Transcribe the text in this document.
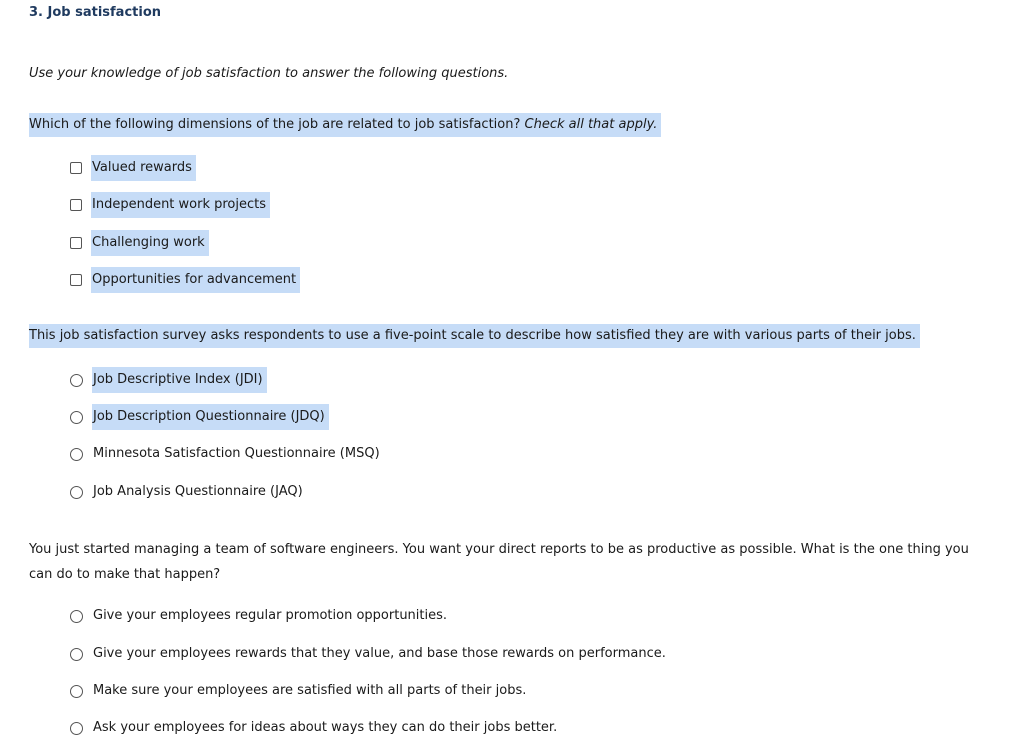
3. Job satisfaction
Use your knowledge of job satisfaction to answer the following questions.
Which of the following dimensions of the job are related to job satisfaction? Check all that apply.
Valued rewards
Independent work projects
Challenging work
Opportunities for advancement
This job satisfaction survey asks respondents to use a five-point scale to describe how satisfied they are with various parts of their jobs.
Job Descriptive Index (JDI)
Job Description Questionnaire (JDQ)
Minnesota Satisfaction Questionnaire (MSQ)
Job Analysis Questionnaire (JAQ)
You just started managing a team of software engineers. You want your direct reports to be as productive as possible. What is the one thing you can do to make that happen?
Give your employees regular promotion opportunities.
Give your employees rewards that they value, and base those rewards on performance.
Make sure your employees are satisfied with all parts of their jobs.
Ask your employees for ideas about ways they can do their jobs better.
